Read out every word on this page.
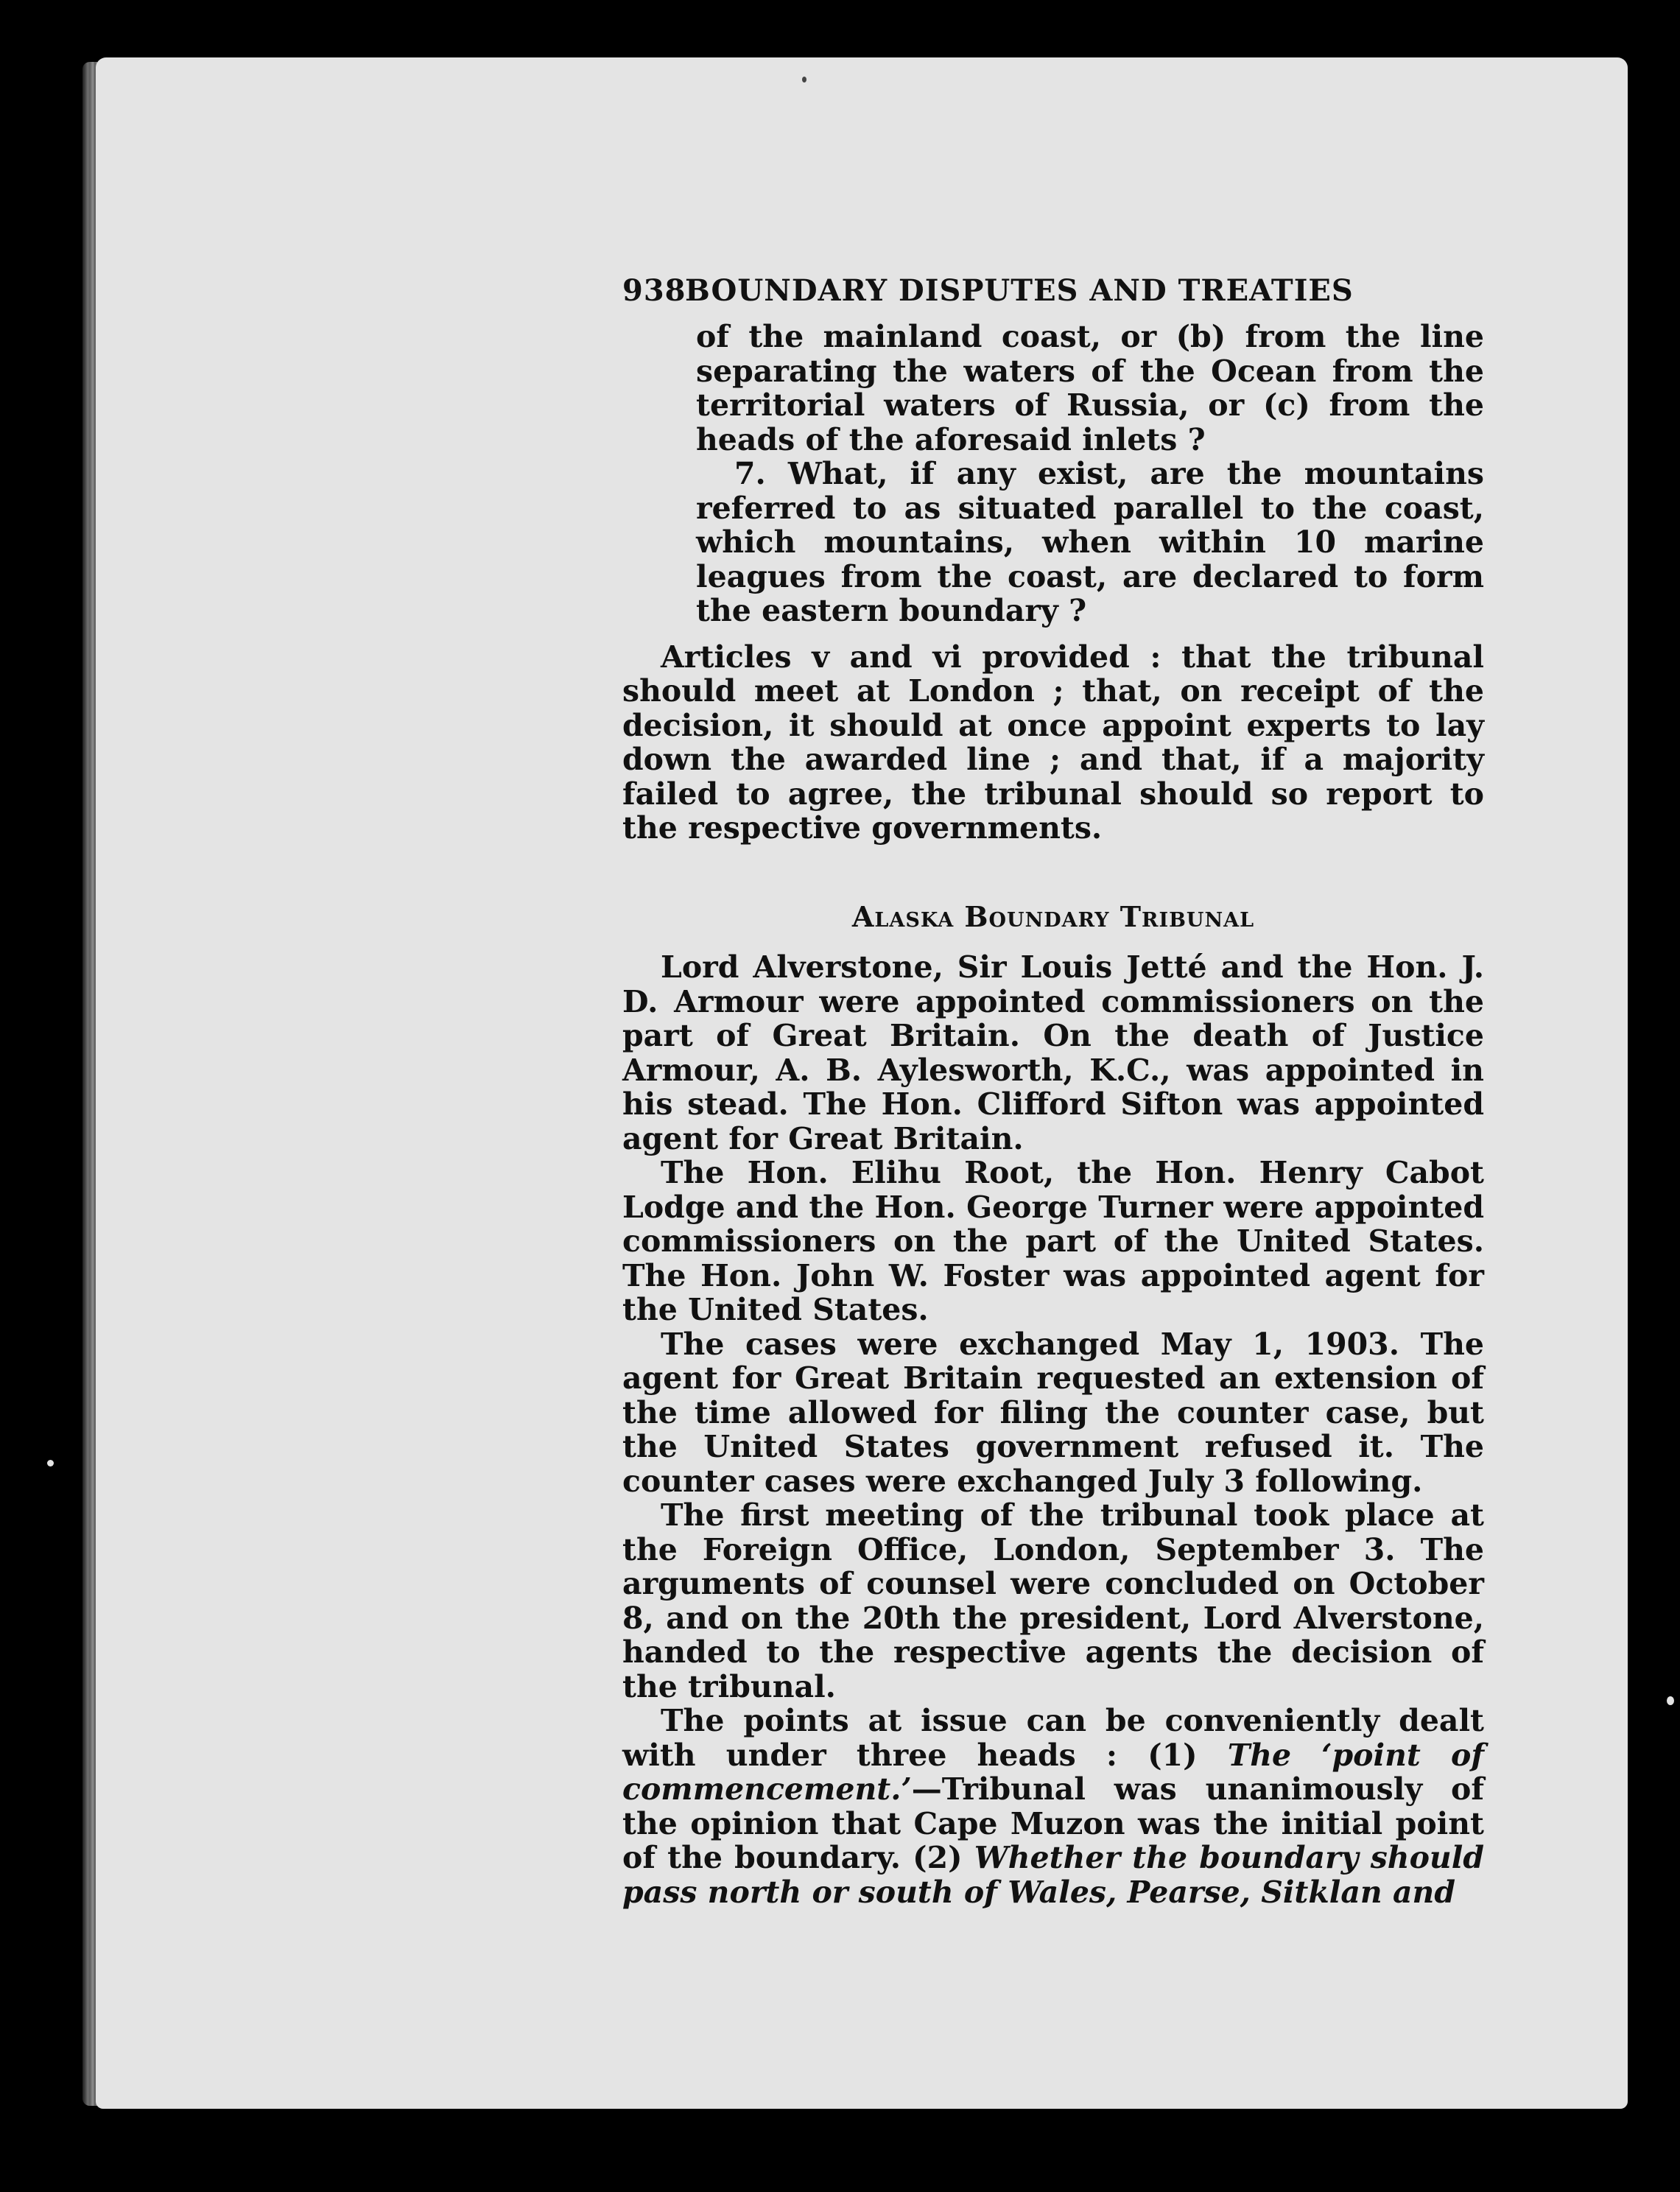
938
BOUNDARY DISPUTES AND TREATIES

of the mainland coast, or (b) from the line separating the waters of the Ocean from the territorial waters of Russia, or (c) from the heads of the aforesaid inlets ?

7. What, if any exist, are the mountains referred to as situated parallel to the coast, which mountains, when within 10 marine leagues from the coast, are declared to form the eastern boundary ?

Articles v and vi provided : that the tribunal should meet at London ; that, on receipt of the decision, it should at once appoint experts to lay down the awarded line ; and that, if a majority failed to agree, the tribunal should so report to the respective governments.

Alaska Boundary Tribunal

Lord Alverstone, Sir Louis Jetté and the Hon. J. D. Armour were appointed commissioners on the part of Great Britain. On the death of Justice Armour, A. B. Aylesworth, K.C., was appointed in his stead. The Hon. Clifford Sifton was appointed agent for Great Britain.

The Hon. Elihu Root, the Hon. Henry Cabot Lodge and the Hon. George Turner were appointed commissioners on the part of the United States. The Hon. John W. Foster was appointed agent for the United States.

The cases were exchanged May 1, 1903. The agent for Great Britain requested an extension of the time allowed for filing the counter case, but the United States government refused it. The counter cases were exchanged July 3 following.

The first meeting of the tribunal took place at the Foreign Office, London, September 3. The arguments of counsel were concluded on October 8, and on the 20th the president, Lord Alverstone, handed to the respective agents the decision of the tribunal.

The points at issue can be conveniently dealt with under three heads : (1) The ‘point of commencement.’—Tribunal was unanimously of the opinion that Cape Muzon was the initial point of the boundary. (2) Whether the boundary should pass north or south of Wales, Pearse, Sitklan and
